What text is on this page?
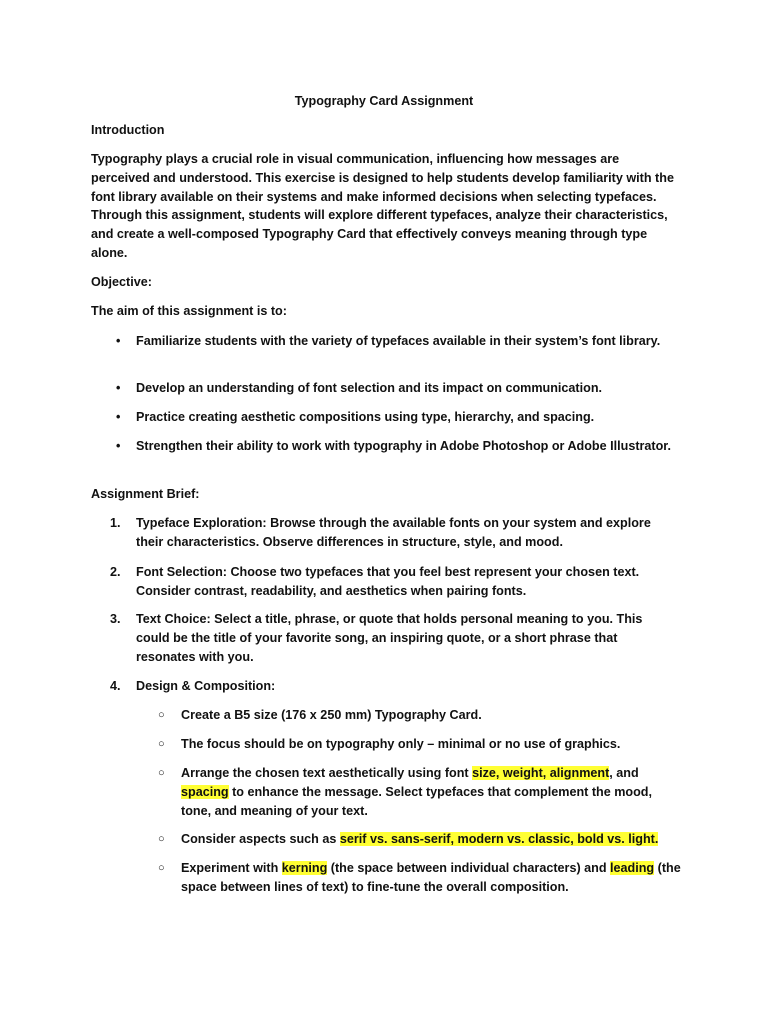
Typography Card Assignment
Introduction
Typography plays a crucial role in visual communication, influencing how messages are perceived and understood. This exercise is designed to help students develop familiarity with the font library available on their systems and make informed decisions when selecting typefaces. Through this assignment, students will explore different typefaces, analyze their characteristics, and create a well-composed Typography Card that effectively conveys meaning through type alone.
Objective:
The aim of this assignment is to:
• Familiarize students with the variety of typefaces available in their system’s font library.
• Develop an understanding of font selection and its impact on communication.
• Practice creating aesthetic compositions using type, hierarchy, and spacing.
• Strengthen their ability to work with typography in Adobe Photoshop or Adobe Illustrator.
Assignment Brief:
1. Typeface Exploration: Browse through the available fonts on your system and explore their characteristics. Observe differences in structure, style, and mood.
2. Font Selection: Choose two typefaces that you feel best represent your chosen text. Consider contrast, readability, and aesthetics when pairing fonts.
3. Text Choice: Select a title, phrase, or quote that holds personal meaning to you. This could be the title of your favorite song, an inspiring quote, or a short phrase that resonates with you.
4. Design & Composition:
○ Create a B5 size (176 x 250 mm) Typography Card.
○ The focus should be on typography only – minimal or no use of graphics.
○ Arrange the chosen text aesthetically using font size, weight, alignment, and spacing to enhance the message. Select typefaces that complement the mood, tone, and meaning of your text.
○ Consider aspects such as serif vs. sans-serif, modern vs. classic, bold vs. light.
○ Experiment with kerning (the space between individual characters) and leading (the space between lines of text) to fine-tune the overall composition.
